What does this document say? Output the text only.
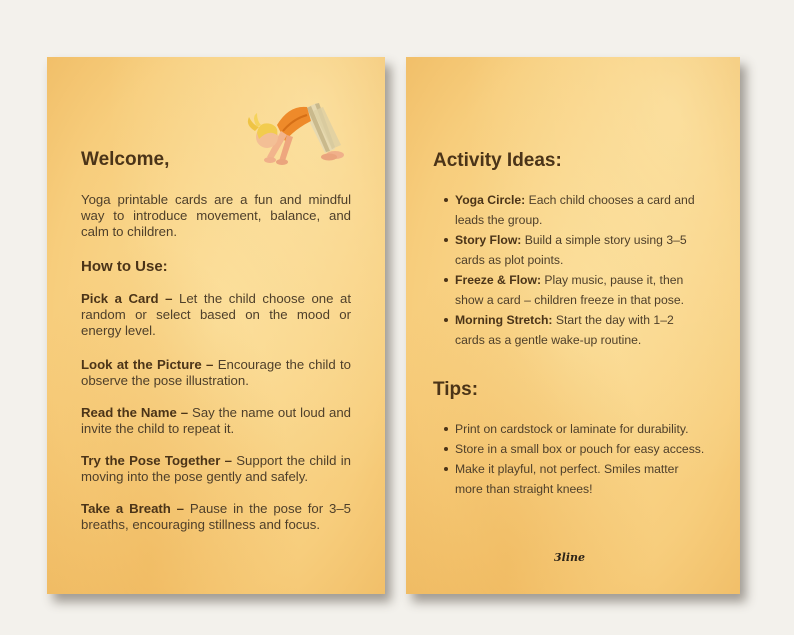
Welcome,
Yoga printable cards are a fun and mindful way to introduce movement, balance, and calm to children.
How to Use:
Pick a Card – Let the child choose one at random or select based on the mood or energy level.
Look at the Picture – Encourage the child to observe the pose illustration.
Read the Name – Say the name out loud and invite the child to repeat it.
Try the Pose Together – Support the child in moving into the pose gently and safely.
Take a Breath – Pause in the pose for 3–5 breaths, encouraging stillness and focus.
Activity Ideas:
Yoga Circle: Each child chooses a card and leads the group.
Story Flow: Build a simple story using 3–5 cards as plot points.
Freeze & Flow: Play music, pause it, then show a card – children freeze in that pose.
Morning Stretch: Start the day with 1–2 cards as a gentle wake-up routine.
Tips:
Print on cardstock or laminate for durability.
Store in a small box or pouch for easy access.
Make it playful, not perfect. Smiles matter more than straight knees!
3line
